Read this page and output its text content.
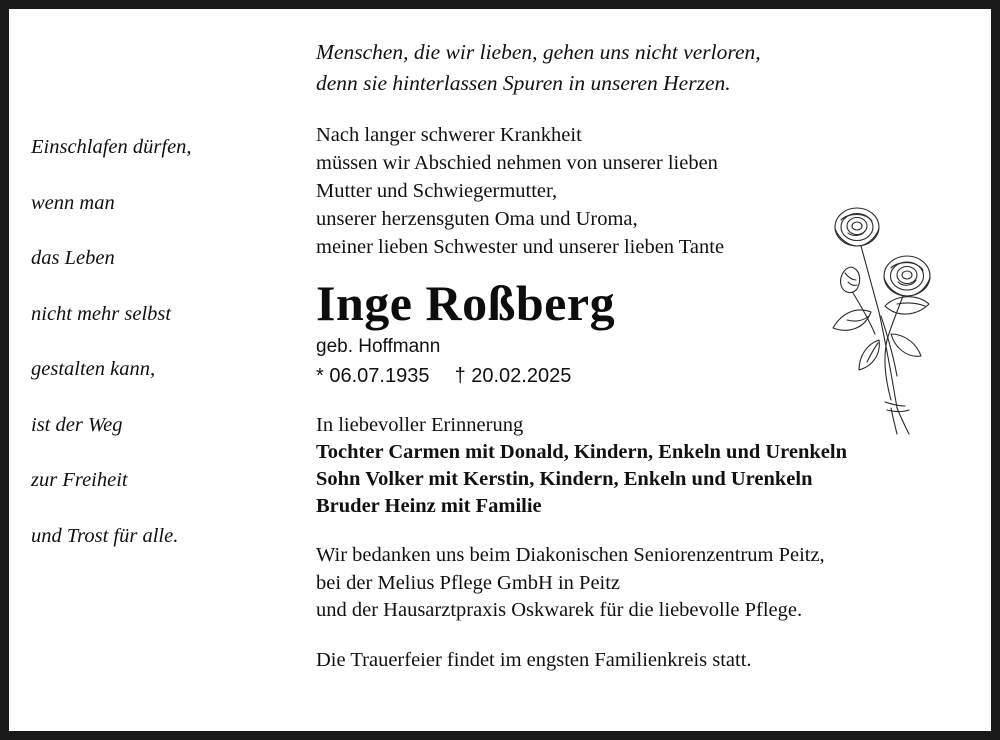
Einschlafen dürfen,
wenn man
das Leben
nicht mehr selbst
gestalten kann,
ist der Weg
zur Freiheit
und Trost für alle.
Menschen, die wir lieben, gehen uns nicht verloren,
denn sie hinterlassen Spuren in unseren Herzen.
Nach langer schwerer Krankheit
müssen wir Abschied nehmen von unserer lieben
Mutter und Schwiegermutter,
unserer herzensguten Oma und Uroma,
meiner lieben Schwester und unserer lieben Tante
Inge Roßberg
geb. Hoffmann
* 06.07.1935 † 20.02.2025
In liebevoller Erinnerung
Tochter Carmen mit Donald, Kindern, Enkeln und Urenkeln
Sohn Volker mit Kerstin, Kindern, Enkeln und Urenkeln
Bruder Heinz mit Familie
Wir bedanken uns beim Diakonischen Seniorenzentrum Peitz,
bei der Melius Pflege GmbH in Peitz
und der Hausarztpraxis Oskwarek für die liebevolle Pflege.
Die Trauerfeier findet im engsten Familienkreis statt.
